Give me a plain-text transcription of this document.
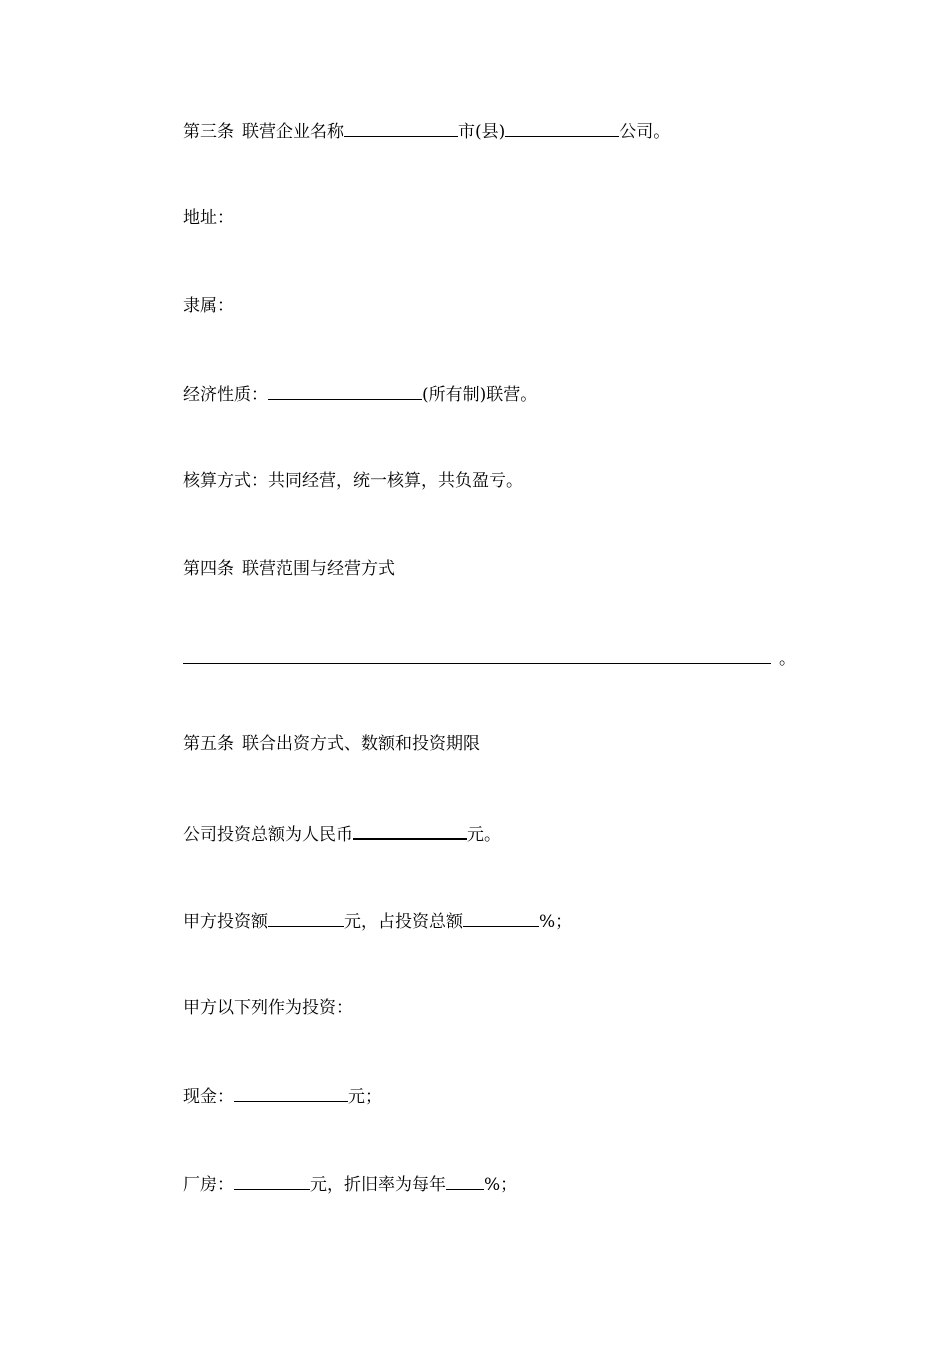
第三条 联营企业名称	市(县)	公司。
地址：
隶属：
经济性质：	(所有制)联营。
核算方式：共同经营，统一核算，共负盈亏。
第四条 联营范围与经营方式
。
第五条 联合出资方式、数额和投资期限
公司投资总额为人民币	元。
甲方投资额	元，占投资总额	%；
甲方以下列作为投资：
现金：	元；
厂房：	元，折旧率为每年 %；
